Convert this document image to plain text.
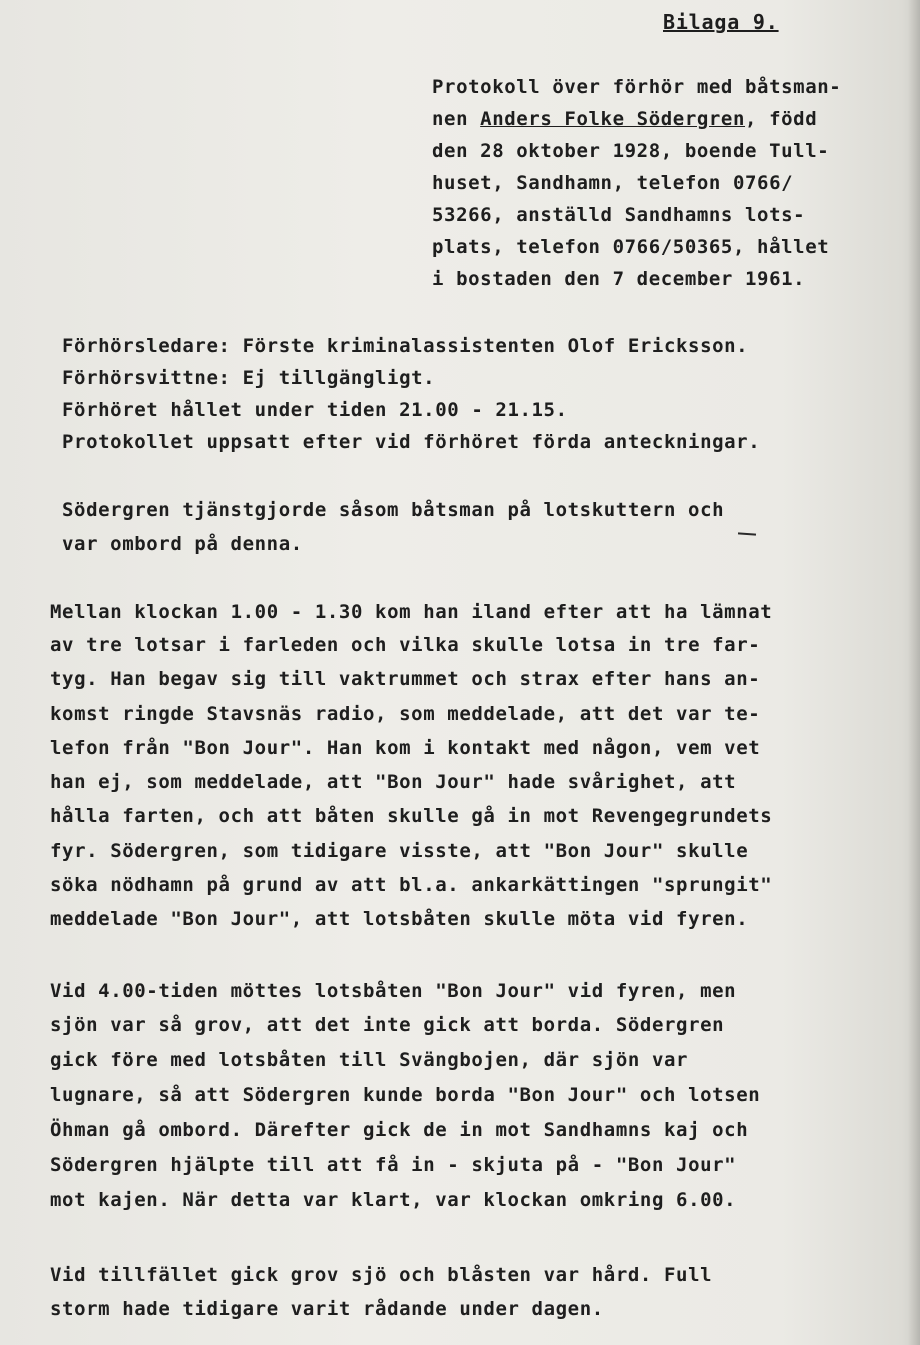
Bilaga 9.
Protokoll över förhör med båtsman-
nen Anders Folke Södergren, född
den 28 oktober 1928, boende Tull-
huset, Sandhamn, telefon 0766/
53266, anställd Sandhamns lots-
plats, telefon 0766/50365, hållet
i bostaden den 7 december 1961.
Förhörsledare: Förste kriminalassistenten Olof Ericksson.
Förhörsvittne: Ej tillgängligt.
Förhöret hållet under tiden 21.00 - 21.15.
Protokollet uppsatt efter vid förhöret förda anteckningar.
Södergren tjänstgjorde såsom båtsman på lotskuttern och
var ombord på denna.
Mellan klockan 1.00 - 1.30 kom han iland efter att ha lämnat
av tre lotsar i farleden och vilka skulle lotsa in tre far-
tyg. Han begav sig till vaktrummet och strax efter hans an-
komst ringde Stavsnäs radio, som meddelade, att det var te-
lefon från "Bon Jour". Han kom i kontakt med någon, vem vet
han ej, som meddelade, att "Bon Jour" hade svårighet, att
hålla farten, och att båten skulle gå in mot Revengegrundets
fyr. Södergren, som tidigare visste, att "Bon Jour" skulle
söka nödhamn på grund av att bl.a. ankarkättingen "sprungit"
meddelade "Bon Jour", att lotsbåten skulle möta vid fyren.
Vid 4.00-tiden möttes lotsbåten "Bon Jour" vid fyren, men
sjön var så grov, att det inte gick att borda. Södergren
gick före med lotsbåten till Svängbojen, där sjön var
lugnare, så att Södergren kunde borda "Bon Jour" och lotsen
Öhman gå ombord. Därefter gick de in mot Sandhamns kaj och
Södergren hjälpte till att få in - skjuta på - "Bon Jour"
mot kajen. När detta var klart, var klockan omkring 6.00.
Vid tillfället gick grov sjö och blåsten var hård. Full
storm hade tidigare varit rådande under dagen.
